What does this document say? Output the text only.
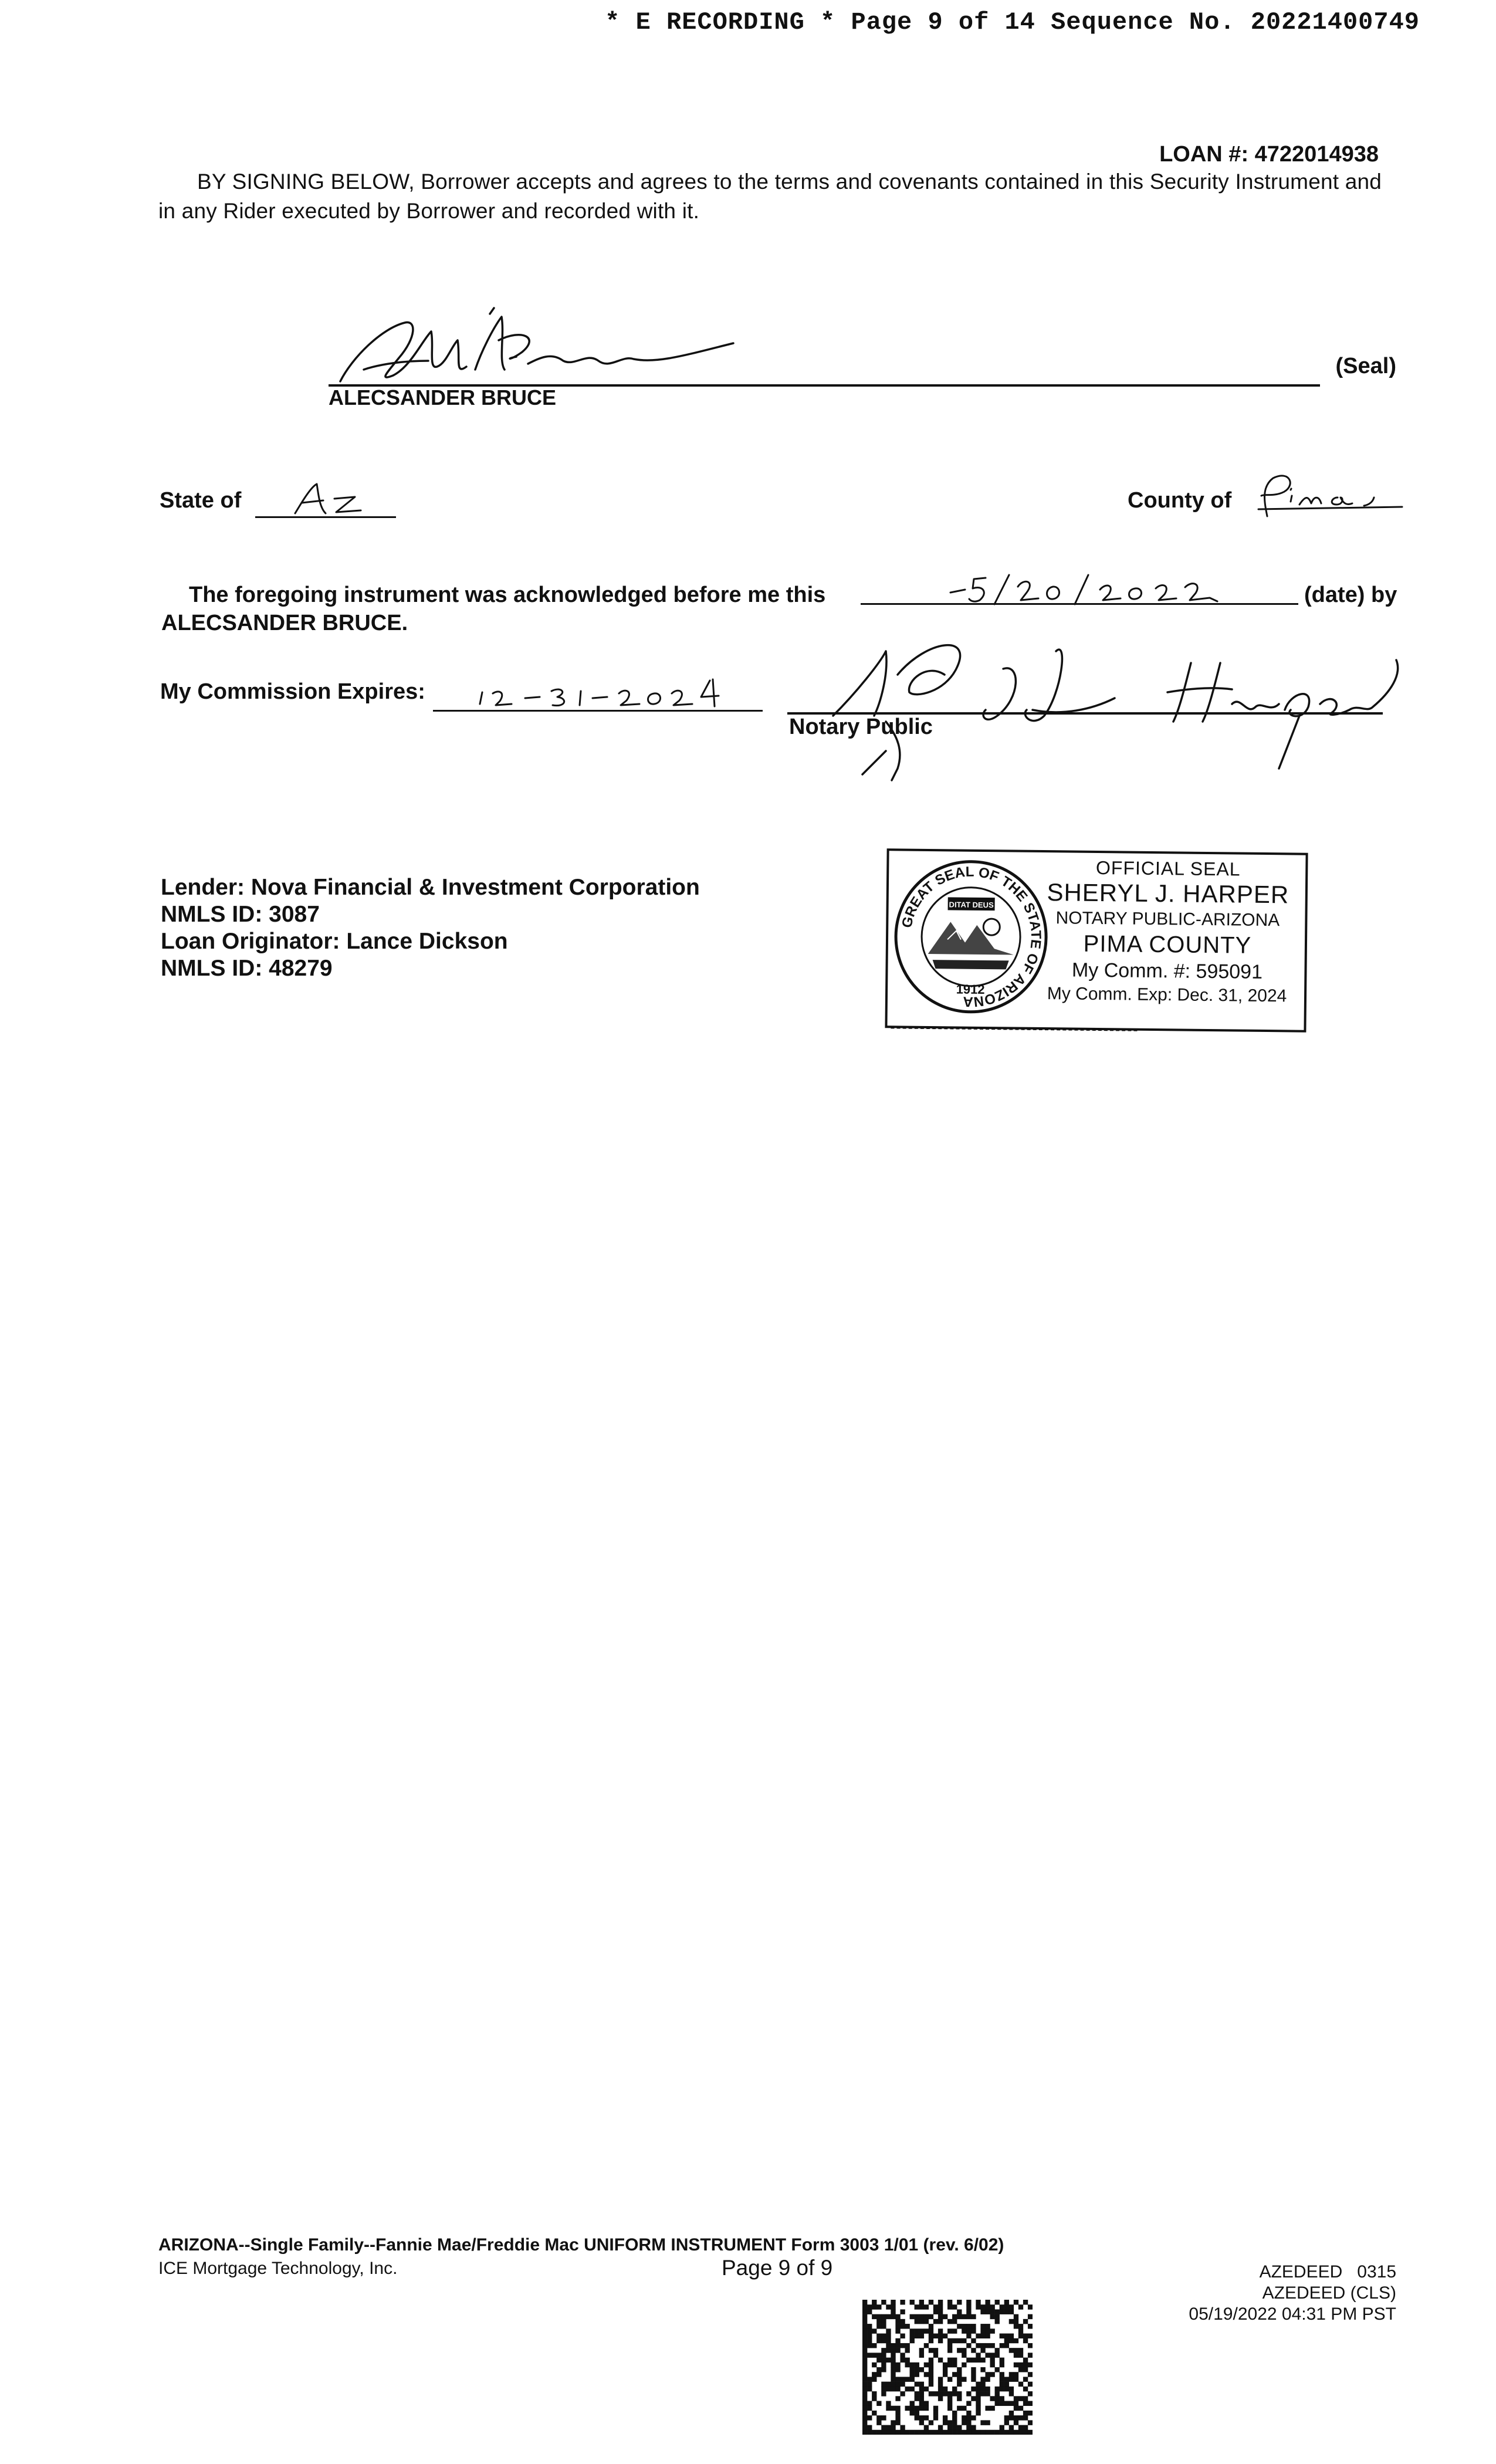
* E RECORDING * Page 9 of 14 Sequence No. 20221400749
LOAN #: 4722014938
BY SIGNING BELOW, Borrower accepts and agrees to the terms and covenants contained in this Security Instrument and in any Rider executed by Borrower and recorded with it.
(Seal)
ALECSANDER BRUCE
State of	County of
The foregoing instrument was acknowledged before me this	(date) by
ALECSANDER BRUCE.
My Commission Expires:
Notary Public
GREAT SEAL OF THE STATE OF ARIZONA
1912
DITAT DEUS
OFFICIAL SEAL
SHERYL J. HARPER
NOTARY PUBLIC-ARIZONA
PIMA COUNTY
My Comm. #: 595091
My Comm. Exp: Dec. 31, 2024
Lender: Nova Financial & Investment Corporation
NMLS ID: 3087
Loan Originator: Lance Dickson
NMLS ID: 48279
ARIZONA--Single Family--Fannie Mae/Freddie Mac UNIFORM INSTRUMENT Form 3003 1/01 (rev. 6/02)
ICE Mortgage Technology, Inc.	Page 9 of 9	AZEDEED   0315
AZEDEED (CLS)
05/19/2022 04:31 PM PST
